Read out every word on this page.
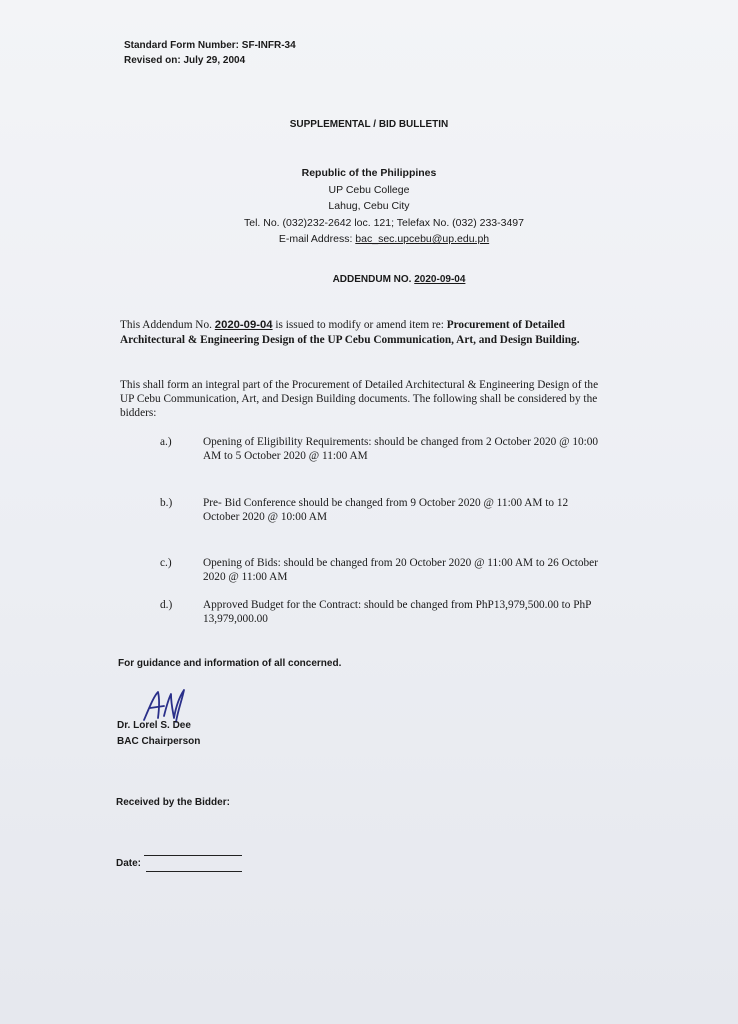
Standard Form Number: SF-INFR-34
Revised on: July 29, 2004
SUPPLEMENTAL / BID BULLETIN
Republic of the Philippines
UP Cebu College
Lahug, Cebu City
Tel. No. (032)232-2642 loc. 121; Telefax No. (032) 233-3497
E-mail Address: bac_sec.upcebu@up.edu.ph
ADDENDUM NO. 2020-09-04
This Addendum No. 2020-09-04 is issued to modify or amend item re: Procurement of Detailed Architectural & Engineering Design of the UP Cebu Communication, Art, and Design Building.
This shall form an integral part of the Procurement of Detailed Architectural & Engineering Design of the UP Cebu Communication, Art, and Design Building documents. The following shall be considered by the bidders:
a.)	Opening of Eligibility Requirements: should be changed from 2 October 2020 @ 10:00 AM to 5 October 2020 @ 11:00 AM
b.)	Pre- Bid Conference should be changed from 9 October 2020 @ 11:00 AM to 12 October 2020 @ 10:00 AM
c.)	Opening of Bids: should be changed from 20 October 2020 @ 11:00 AM to 26 October 2020 @ 11:00 AM
d.)	Approved Budget for the Contract: should be changed from PhP13,979,500.00 to PhP 13,979,000.00
For guidance and information of all concerned.
Dr. Lorel S. Dee
BAC Chairperson
Received by the Bidder:
Date:
